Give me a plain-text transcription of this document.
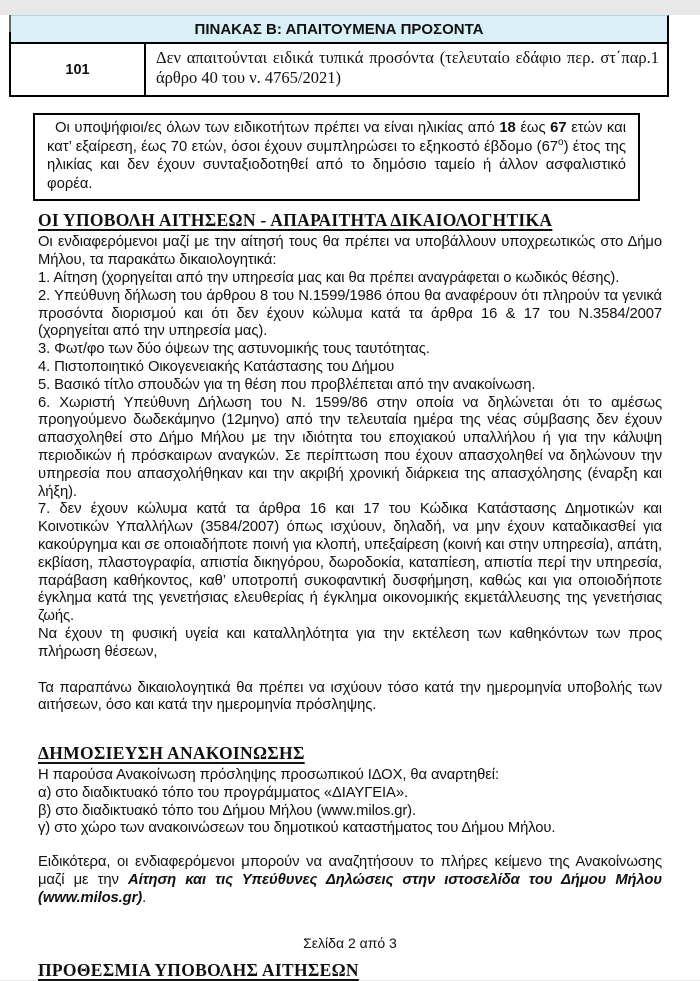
ΠΙΝΑΚΑΣ Β: ΑΠΑΙΤΟΥΜΕΝΑ ΠΡΟΣΟΝΤΑ
101
Δεν απαιτούνται ειδικά τυπικά προσόντα (τελευταίο εδάφιο περ. στ΄παρ.1 άρθρο 40 του ν. 4765/2021)
Οι υποψήφιοι/ες όλων των ειδικοτήτων πρέπει να είναι ηλικίας από 18 έως 67 ετών και κατ’ εξαίρεση, έως 70 ετών, όσοι έχουν συμπληρώσει το εξηκοστό έβδομο $(67^o)$ έτος της ηλικίας και δεν έχουν συνταξιοδοτηθεί από το δημόσιο ταμείο ή άλλον ασφαλιστικό φορέα.
ΟΙ ΥΠΟΒΟΛΗ ΑΙΤΗΣΕΩΝ - ΑΠΑΡΑΙΤΗΤΑ ΔΙΚΑΙΟΛΟΓΗΤΙΚΑ

Οι ενδιαφερόμενοι μαζί με την αίτησή τους θα πρέπει να υποβάλλουν υποχρεωτικώς στο Δήμο Μήλου, τα παρακάτω δικαιολογητικά:

1. Αίτηση (χορηγείται από την υπηρεσία μας και θα πρέπει αναγράφεται ο κωδικός θέσης).

2. Υπεύθυνη δήλωση του άρθρου 8 του Ν.1599/1986 όπου θα αναφέρουν ότι πληρούν τα γενικά προσόντα διορισμού και ότι δεν έχουν κώλυμα κατά τα άρθρα 16 & 17 του Ν.3584/2007 (χορηγείται από την υπηρεσία μας).

3. Φωτ/φο των δύο όψεων της αστυνομικής τους ταυτότητας.

4. Πιστοποιητικό Οικογενειακής Κατάστασης του Δήμου

5. Βασικό τίτλο σπουδών για τη θέση που προβλέπεται από την ανακοίνωση.

6. Χωριστή Υπεύθυνη Δήλωση του Ν. 1599/86 στην οποία να δηλώνεται ότι το αμέσως προηγούμενο δωδεκάμηνο (12μηνο) από την τελευταία ημέρα της νέας σύμβασης δεν έχουν απασχοληθεί στο Δήμο Μήλου με την ιδιότητα του εποχιακού υπαλλήλου ή για την κάλυψη περιοδικών ή πρόσκαιρων αναγκών. Σε περίπτωση που έχουν απασχοληθεί να δηλώνουν την υπηρεσία που απασχολήθηκαν και την ακριβή χρονική διάρκεια της απασχόλησης (έναρξη και λήξη).

7. δεν έχουν κώλυμα κατά τα άρθρα 16 και 17 του Κώδικα Κατάστασης Δημοτικών και Κοινοτικών Υπαλλήλων (3584/2007) όπως ισχύουν, δηλαδή, να μην έχουν καταδικασθεί για κακούργημα και σε οποιαδήποτε ποινή για κλοπή, υπεξαίρεση (κοινή και στην υπηρεσία), απάτη, εκβίαση, πλαστογραφία, απιστία δικηγόρου, δωροδοκία, καταπίεση, απιστία περί την υπηρεσία, παράβαση καθήκοντος, καθ’ υποτροπή συκοφαντική δυσφήμηση, καθώς και για οποιοδήποτε έγκλημα κατά της γενετήσιας ελευθερίας ή έγκλημα οικονομικής εκμετάλλευσης της γενετήσιας ζωής.

Να έχουν τη φυσική υγεία και καταλληλότητα για την εκτέλεση των καθηκόντων των προς πλήρωση θέσεων,

Τα παραπάνω δικαιολογητικά θα πρέπει να ισχύουν τόσο κατά την ημερομηνία υποβολής των αιτήσεων, όσο και κατά την ημερομηνία πρόσληψης.

ΔΗΜΟΣΙΕΥΣΗ ΑΝΑΚΟΙΝΩΣΗΣ

Η παρούσα Ανακοίνωση πρόσληψης προσωπικού ΙΔΟΧ, θα αναρτηθεί:

α) στο διαδικτυακό τόπο του προγράμματος «ΔΙΑΥΓΕΙΑ».

β) στο διαδικτυακό τόπο του Δήμου Μήλου (www.milos.gr).

γ) στο χώρο των ανακοινώσεων του δημοτικού καταστήματος του Δήμου Μήλου.

Ειδικότερα, οι ενδιαφερόμενοι μπορούν να αναζητήσουν το πλήρες κείμενο της Ανακοίνωσης μαζί με την Αίτηση και τις Υπεύθυνες Δηλώσεις στην ιστοσελίδα του Δήμου Μήλου (www.milos.gr).

ΠΡΟΘΕΣΜΙΑ ΥΠΟΒΟΛΗΣ ΑΙΤΗΣΕΩΝ
Σελίδα 2 από 3
